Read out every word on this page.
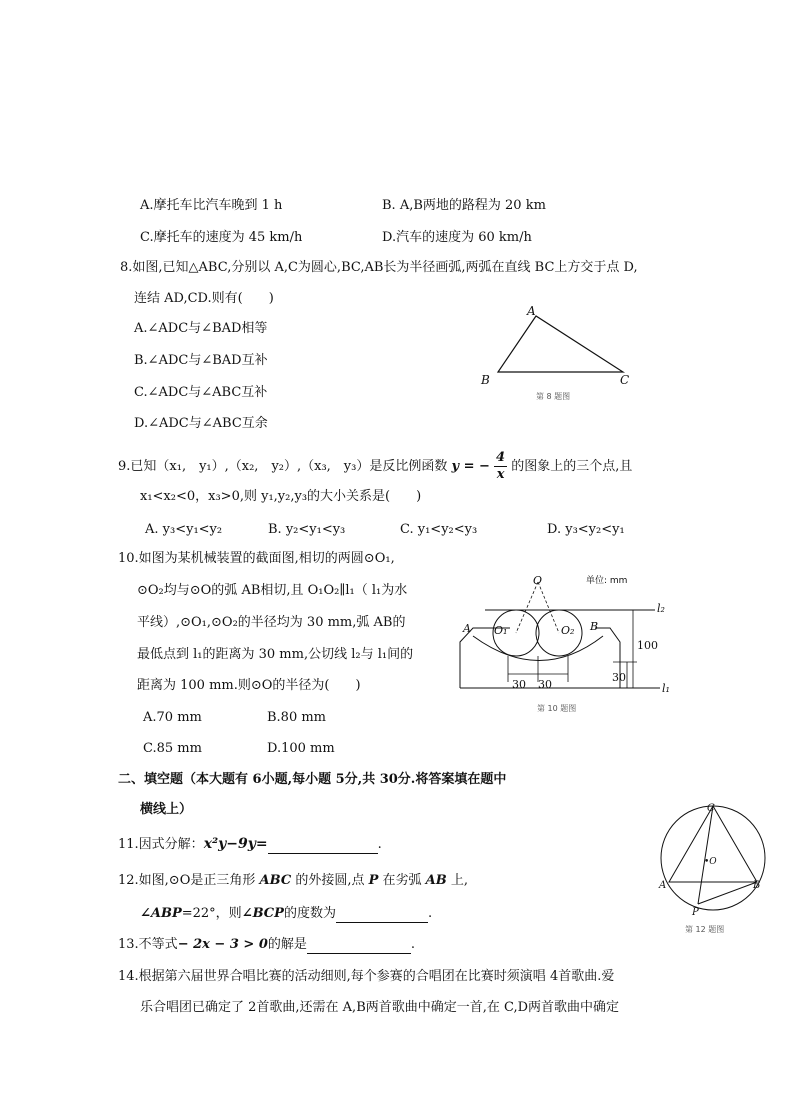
A.摩托车比汽车晚到 1 h	B. A,B两地的路程为 20 km
C.摩托车的速度为 45 km/h	D.汽车的速度为 60 km/h
8.如图,已知△ABC,分别以 A,C为圆心,BC,AB长为半径画弧,两弧在直线 BC上方交于点 D,
连结 AD,CD.则有(　　)
A.∠ADC与∠BAD相等
B.∠ADC与∠BAD互补
C.∠ADC与∠ABC互补
D.∠ADC与∠ABC互余
A
B	C
第 8 题图
9.已知（x₁,　y₁）,（x₂,　y₂）,（x₃,　y₃）是反比例函数 y = − $\frac{4}{x}$ 的图象上的三个点,且
x₁<x₂<0，x₃>0,则 y₁,y₂,y₃的大小关系是(　　)
A. y₃<y₁<y₂	B. y₂<y₁<y₃	C. y₁<y₂<y₃	D. y₃<y₂<y₁
10.如图为某机械装置的截面图,相切的两圆⊙O₁,
⊙O₂均与⊙O的弧 AB相切,且 O₁O₂∥l₁（ l₁为水
平线）,⊙O₁,⊙O₂的半径均为 30 mm,弧 AB的
最低点到 l₁的距离为 30 mm,公切线 l₂与 l₁间的
距离为 100 mm.则⊙O的半径为(　　)
A.70 mm	B.80 mm
C.85 mm	D.100 mm
O	单位: mm
l₂
A	B
O₁	O₂
100
30 30
30
l₁
第 10 题图
二、填空题（本大题有 6小题,每小题 5分,共 30分.将答案填在题中
横线上）
11.因式分解：x²y−9y=	.
12.如图,⊙O是正三角形 ABC 的外接圆,点 P 在劣弧 AB 上,
∠ABP=22°，则∠BCP的度数为	.
C
•O
A	B
P
第 12 题图
13.不等式− 2x − 3 > 0的解是	.
14.根据第六届世界合唱比赛的活动细则,每个参赛的合唱团在比赛时须演唱 4首歌曲.爱
乐合唱团已确定了 2首歌曲,还需在 A,B两首歌曲中确定一首,在 C,D两首歌曲中确定
